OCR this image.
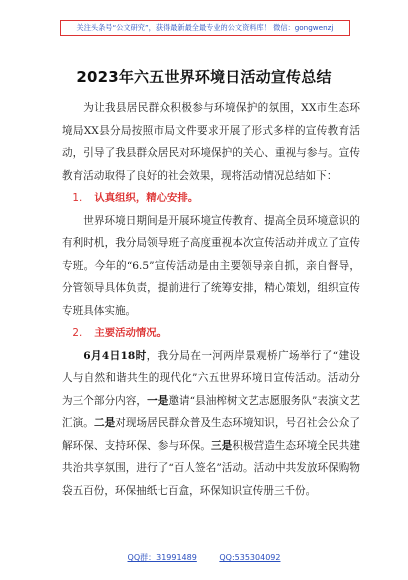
关注头条号“公文研究”，获得最新最全最专业的公文资料库！ 微信：gongwenzj
2023年六五世界环境日活动宣传总结

为让我县居民群众积极参与环境保护的氛围，XX市生态环境局XX县分局按照市局文件要求开展了形式多样的宣传教育活动，引导了我县群众居民对环境保护的关心、重视与参与。宣传教育活动取得了良好的社会效果，现将活动情况总结如下：

1. 认真组织，精心安排。

世界环境日期间是开展环境宣传教育、提高全员环境意识的有利时机，我分局领导班子高度重视本次宣传活动并成立了宣传专班。今年的“6.5”宣传活动是由主要领导亲自抓，亲自督导，分管领导具体负责，提前进行了统筹安排，精心策划，组织宣传专班具体实施。

2. 主要活动情况。

6月4日18时，我分局在一河两岸景观桥广场举行了“建设人与自然和谐共生的现代化”六五世界环境日宣传活动。活动分为三个部分内容，一是邀请“县油榨树文艺志愿服务队”表演文艺汇演。二是对现场居民群众普及生态环境知识，号召社会公众了解环保、支持环保、参与环保。三是积极营造生态环境全民共建共治共享氛围，进行了“百人签名”活动。活动中共发放环保购物袋五百份，环保抽纸七百盒，环保知识宣传册三千份。

QQ群：31991489	QQ:535304092
